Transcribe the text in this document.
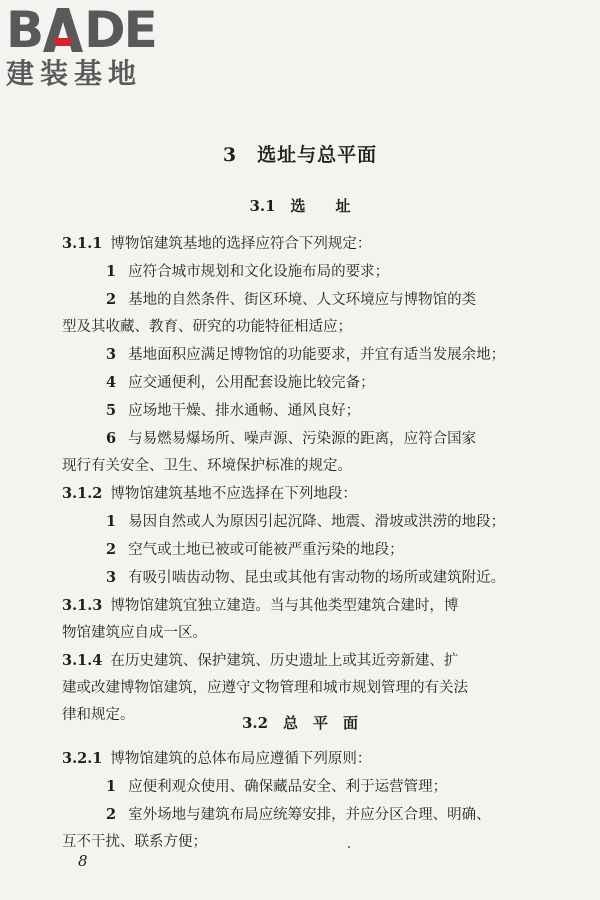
B DE
建装基地
3　选址与总平面
3.1　选　　址
3.1.1 博物馆建筑基地的选择应符合下列规定：
1 应符合城市规划和文化设施布局的要求；
2 基地的自然条件、街区环境、人文环境应与博物馆的类
型及其收藏、教育、研究的功能特征相适应；
3 基地面积应满足博物馆的功能要求，并宜有适当发展余地；
4 应交通便利，公用配套设施比较完备；
5 应场地干燥、排水通畅、通风良好；
6 与易燃易爆场所、噪声源、污染源的距离，应符合国家
现行有关安全、卫生、环境保护标准的规定。
3.1.2 博物馆建筑基地不应选择在下列地段：
1 易因自然或人为原因引起沉降、地震、滑坡或洪涝的地段；
2 空气或土地已被或可能被严重污染的地段；
3 有吸引啮齿动物、昆虫或其他有害动物的场所或建筑附近。
3.1.3 博物馆建筑宜独立建造。当与其他类型建筑合建时，博
物馆建筑应自成一区。
3.1.4 在历史建筑、保护建筑、历史遗址上或其近旁新建、扩
建或改建博物馆建筑，应遵守文物管理和城市规划管理的有关法
律和规定。	3.2　总　平　面
3.2.1 博物馆建筑的总体布局应遵循下列原则：
1 应便利观众使用、确保藏品安全、利于运营管理；
2 室外场地与建筑布局应统筹安排，并应分区合理、明确、
互不干扰、联系方便；
8
